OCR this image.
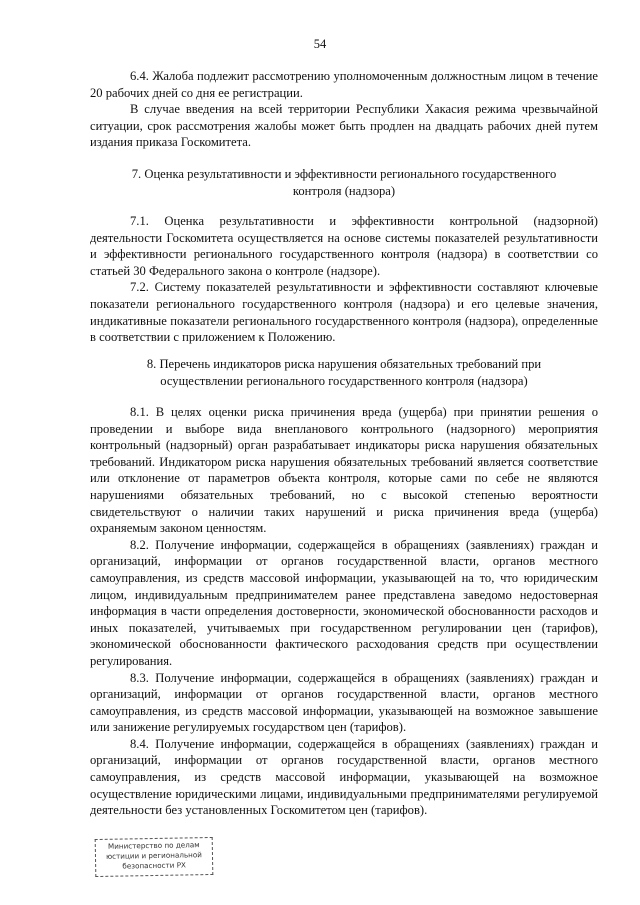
54

6.4. Жалоба подлежит рассмотрению уполномоченным должностным лицом в течение 20 рабочих дней со дня ее регистрации.

В случае введения на всей территории Республики Хакасия режима чрезвычайной ситуации, срок рассмотрения жалобы может быть продлен на двадцать рабочих дней путем издания приказа Госкомитета.

7. Оценка результативности и эффективности регионального государственного
контроля (надзора)

7.1. Оценка результативности и эффективности контрольной (надзорной) деятельности Госкомитета осуществляется на основе системы показателей результативности и эффективности регионального государственного контроля (надзора) в соответствии со статьей 30 Федерального закона о контроле (надзоре).

7.2. Систему показателей результативности и эффективности составляют ключевые показатели регионального государственного контроля (надзора) и его целевые значения, индикативные показатели регионального государственного контроля (надзора), определенные в соответствии с приложением к Положению.

8. Перечень индикаторов риска нарушения обязательных требований при
осуществлении регионального государственного контроля (надзора)

8.1. В целях оценки риска причинения вреда (ущерба) при принятии решения о проведении и выборе вида внепланового контрольного (надзорного) мероприятия контрольный (надзорный) орган разрабатывает индикаторы риска нарушения обязательных требований. Индикатором риска нарушения обязательных требований является соответствие или отклонение от параметров объекта контроля, которые сами по себе не являются нарушениями обязательных требований, но с высокой степенью вероятности свидетельствуют о наличии таких нарушений и риска причинения вреда (ущерба) охраняемым законом ценностям.

8.2. Получение информации, содержащейся в обращениях (заявлениях) граждан и организаций, информации от органов государственной власти, органов местного самоуправления, из средств массовой информации, указывающей на то, что юридическим лицом, индивидуальным предпринимателем ранее представлена заведомо недостоверная информация в части определения достоверности, экономической обоснованности расходов и иных показателей, учитываемых при государственном регулировании цен (тарифов), экономической обоснованности фактического расходования средств при осуществлении регулирования.

8.3. Получение информации, содержащейся в обращениях (заявлениях) граждан и организаций, информации от органов государственной власти, органов местного самоуправления, из средств массовой информации, указывающей на возможное завышение или занижение регулируемых государством цен (тарифов).

8.4. Получение информации, содержащейся в обращениях (заявлениях) граждан и организаций, информации от органов государственной власти, органов местного самоуправления, из средств массовой информации, указывающей на возможное осуществление юридическими лицами, индивидуальными предпринимателями регулируемой деятельности без установленных Госкомитетом цен (тарифов).

Министерство по делам
юстиции и региональной
безопасности РХ
